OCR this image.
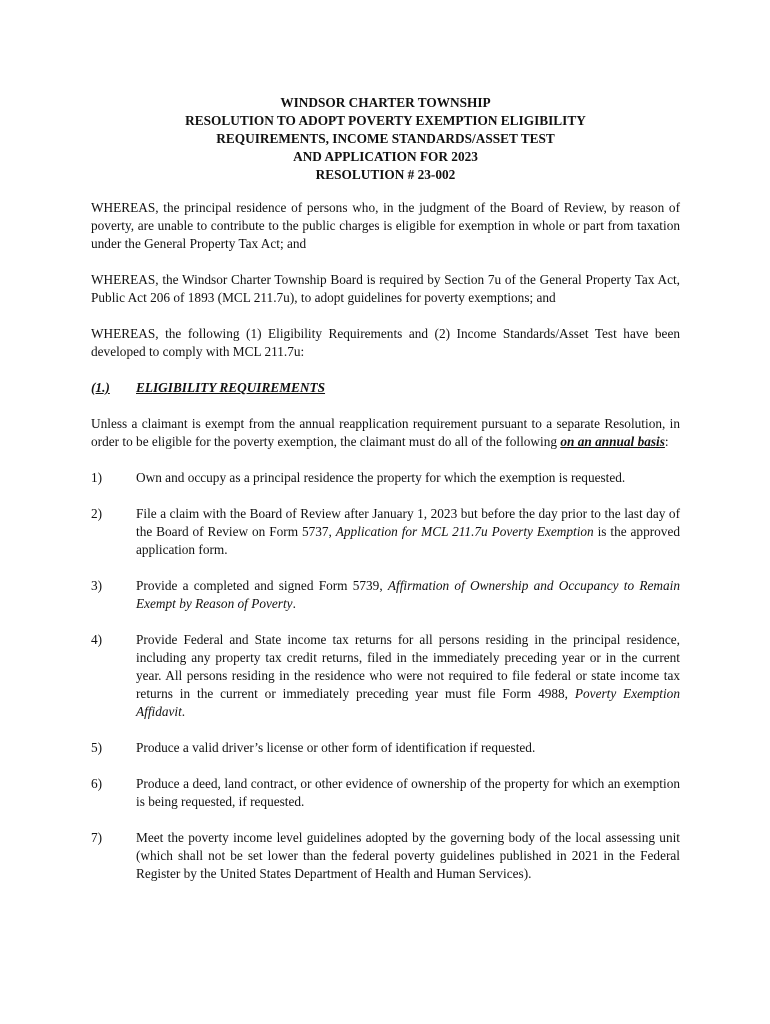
WINDSOR CHARTER TOWNSHIP
RESOLUTION TO ADOPT POVERTY EXEMPTION ELIGIBILITY
REQUIREMENTS, INCOME STANDARDS/ASSET TEST
AND APPLICATION FOR 2023
RESOLUTION # 23-002

WHEREAS, the principal residence of persons who, in the judgment of the Board of Review, by reason of poverty, are unable to contribute to the public charges is eligible for exemption in whole or part from taxation under the General Property Tax Act; and

WHEREAS, the Windsor Charter Township Board is required by Section 7u of the General Property Tax Act, Public Act 206 of 1893 (MCL 211.7u), to adopt guidelines for poverty exemptions; and

WHEREAS, the following (1) Eligibility Requirements and (2) Income Standards/Asset Test have been developed to comply with MCL 211.7u:

(1.)	ELIGIBILITY REQUIREMENTS

Unless a claimant is exempt from the annual reapplication requirement pursuant to a separate Resolution, in order to be eligible for the poverty exemption, the claimant must do all of the following on an annual basis:

1)	Own and occupy as a principal residence the property for which the exemption is requested.
2)	File a claim with the Board of Review after January 1, 2023 but before the day prior to the last day of the Board of Review on Form 5737, Application for MCL 211.7u Poverty Exemption is the approved application form.
3)	Provide a completed and signed Form 5739, Affirmation of Ownership and Occupancy to Remain Exempt by Reason of Poverty.
4)	Provide Federal and State income tax returns for all persons residing in the principal residence, including any property tax credit returns, filed in the immediately preceding year or in the current year. All persons residing in the residence who were not required to file federal or state income tax returns in the current or immediately preceding year must file Form 4988, Poverty Exemption Affidavit.
5)	Produce a valid driver’s license or other form of identification if requested.
6)	Produce a deed, land contract, or other evidence of ownership of the property for which an exemption is being requested, if requested.
7)	Meet the poverty income level guidelines adopted by the governing body of the local assessing unit (which shall not be set lower than the federal poverty guidelines published in 2021 in the Federal Register by the United States Department of Health and Human Services).
